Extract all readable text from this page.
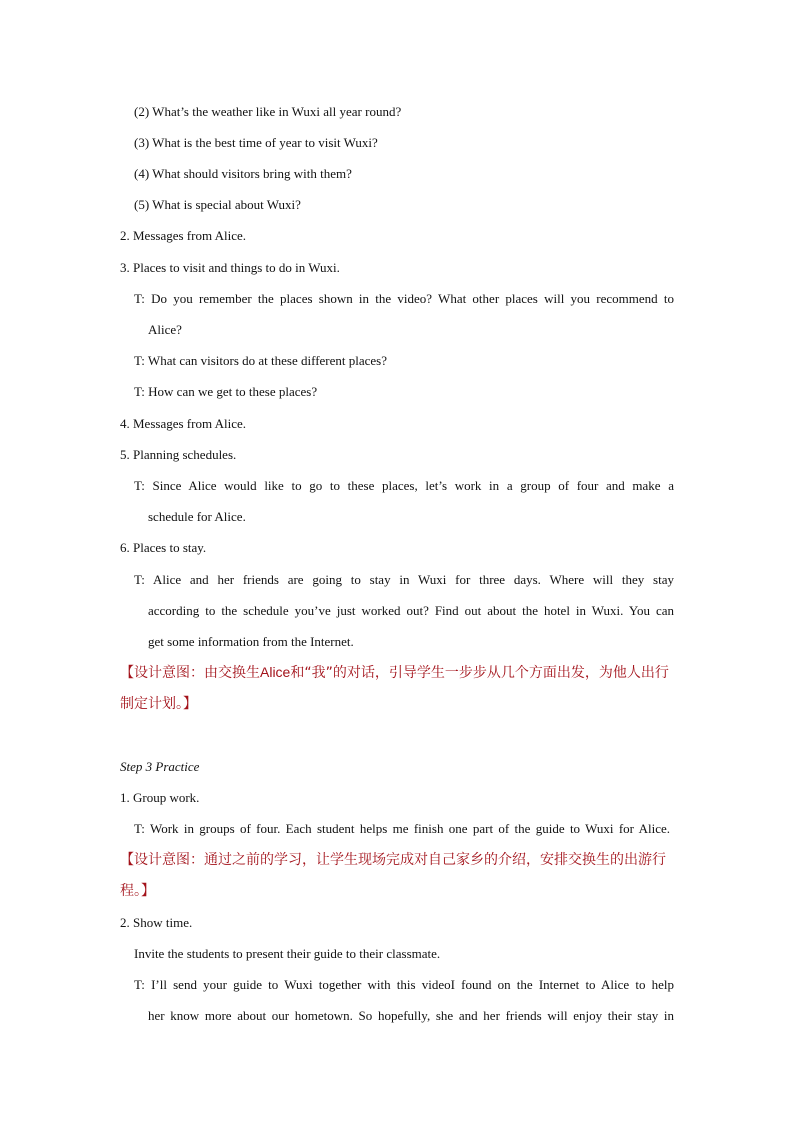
(2) What’s the weather like in Wuxi all year round?
(3) What is the best time of year to visit Wuxi?
(4) What should visitors bring with them?
(5) What is special about Wuxi?
2. Messages from Alice.
3. Places to visit and things to do in Wuxi.
T: Do you remember the places shown in the video? What other places will you recommend to
Alice?
T: What can visitors do at these different places?
T: How can we get to these places?
4. Messages from Alice.
5. Planning schedules.
T: Since Alice would like to go to these places, let’s work in a group of four and make a
schedule for Alice.
6. Places to stay.
T: Alice and her friends are going to stay in Wuxi for three days. Where will they stay
according to the schedule you’ve just worked out? Find out about the hotel in Wuxi. You can
get some information from the Internet.
【设计意图：由交换生Alice和“我”的对话，引导学生一步步从几个方面出发，为他人出行制定计划。】
Step 3 Practice
1. Group work.
T: Work in groups of four. Each student helps me finish one part of the guide to Wuxi for Alice.
【设计意图：通过之前的学习，让学生现场完成对自己家乡的介绍，安排交换生的出游行程。】
2. Show time.
Invite the students to present their guide to their classmate.
T: I’ll send your guide to Wuxi together with this videoI found on the Internet to Alice to help
her know more about our hometown. So hopefully, she and her friends will enjoy their stay in
